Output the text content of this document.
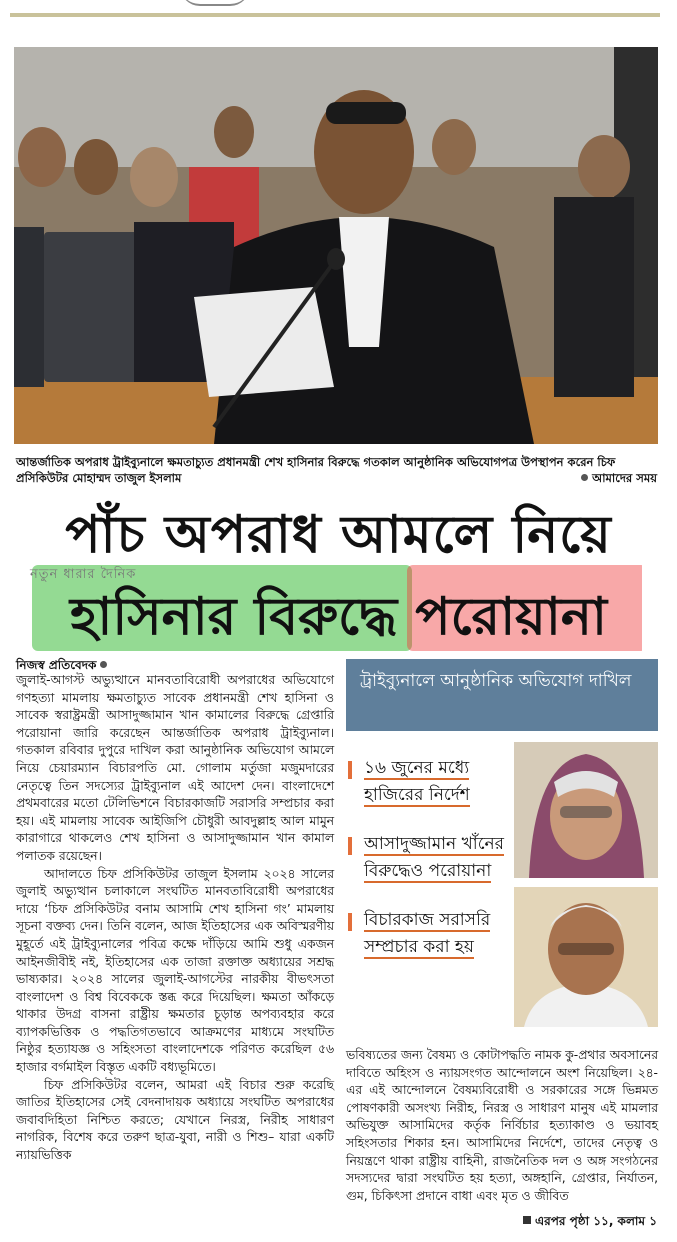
আন্তর্জাতিক অপরাধ ট্রাইব্যুনালে ক্ষমতাচ্যুত প্রধানমন্ত্রী শেখ হাসিনার বিরুদ্ধে গতকাল আনুষ্ঠানিক অভিযোগপত্র উপস্থাপন করেন চিফ প্রসিকিউটর মোহাম্মদ তাজুল ইসলাম	আমাদের সময়
নতুন ধারার দৈনিক
পাঁচ অপরাধ আমলে নিয়ে
হাসিনার বিরুদ্ধে পরোয়ানা
নিজস্ব প্রতিবেদক

জুলাই-আগস্ট অভ্যুত্থানে মানবতাবিরোধী অপরাধের অভিযোগে গণহত্যা মামলায় ক্ষমতাচ্যুত সাবেক প্রধানমন্ত্রী শেখ হাসিনা ও সাবেক স্বরাষ্ট্রমন্ত্রী আসাদুজ্জামান খান কামালের বিরুদ্ধে গ্রেপ্তারি পরোয়ানা জারি করেছেন আন্তর্জাতিক অপরাধ ট্রাইব্যুনাল। গতকাল রবিবার দুপুরে দাখিল করা আনুষ্ঠানিক অভিযোগ আমলে নিয়ে চেয়ারম্যান বিচারপতি মো. গোলাম মর্তুজা মজুমদারের নেতৃত্বে তিন সদস্যের ট্রাইব্যুনাল এই আদেশ দেন। বাংলাদেশে প্রথমবারের মতো টেলিভিশনে বিচারকাজটি সরাসরি সম্প্রচার করা হয়। এই মামলায় সাবেক আইজিপি চৌধুরী আবদুল্লাহ আল মামুন কারাগারে থাকলেও শেখ হাসিনা ও আসাদুজ্জামান খান কামাল পলাতক রয়েছেন।

আদালতে চিফ প্রসিকিউটর তাজুল ইসলাম ২০২৪ সালের জুলাই অভ্যুত্থান চলাকালে সংঘটিত মানবতাবিরোধী অপরাধের দায়ে ‘চিফ প্রসিকিউটর বনাম আসামি শেখ হাসিনা গং’ মামলায় সূচনা বক্তব্য দেন। তিনি বলেন, আজ ইতিহাসের এক অবিস্মরণীয় মুহূর্তে এই ট্রাইব্যুনালের পবিত্র কক্ষে দাঁড়িয়ে আমি শুধু একজন আইনজীবীই নই, ইতিহাসের এক তাজা রক্তাক্ত অধ্যায়ের সশ্রদ্ধ ভাষ্যকার। ২০২৪ সালের জুলাই-আগস্টের নারকীয় বীভৎসতা বাংলাদেশ ও বিশ্ব বিবেককে স্তব্ধ করে দিয়েছিল। ক্ষমতা আঁকড়ে থাকার উদগ্র বাসনা রাষ্ট্রীয় ক্ষমতার চূড়ান্ত অপব্যবহার করে ব্যাপকভিত্তিক ও পদ্ধতিগতভাবে আক্রমণের মাধ্যমে সংঘটিত নিষ্ঠুর হত্যাযজ্ঞ ও সহিংসতা বাংলাদেশকে পরিণত করেছিল ৫৬ হাজার বর্গমাইল বিস্তৃত একটি বধ্যভূমিতে।

চিফ প্রসিকিউটর বলেন, আমরা এই বিচার শুরু করেছি জাতির ইতিহাসের সেই বেদনাদায়ক অধ্যায়ে সংঘটিত অপরাধের জবাবদিহিতা নিশ্চিত করতে; যেখানে নিরস্ত্র, নিরীহ সাধারণ নাগরিক, বিশেষ করে তরুণ ছাত্র-যুবা, নারী ও শিশু– যারা একটি ন্যায়ভিত্তিক

ট্রাইব্যুনালে আনুষ্ঠানিক অভিযোগ দাখিল
১৬ জুনের মধ্যে হাজিরের নির্দেশ
আসাদুজ্জামান খাঁনের বিরুদ্ধেও পরোয়ানা
বিচারকাজ সরাসরি সম্প্রচার করা হয়
ভবিষ্যতের জন্য বৈষম্য ও কোটাপদ্ধতি নামক কু-প্রথার অবসানের দাবিতে অহিংস ও ন্যায়সংগত আন্দোলনে অংশ নিয়েছিল। ২৪-এর এই আন্দোলনে বৈষম্যবিরোধী ও সরকারের সঙ্গে ভিন্নমত পোষণকারী অসংখ্য নিরীহ, নিরস্ত্র ও সাধারণ মানুষ এই মামলার অভিযুক্ত আসামিদের কর্তৃক নির্বিচার হত্যাকাণ্ড ও ভয়াবহ সহিংসতার শিকার হন। আসামিদের নির্দেশে, তাদের নেতৃত্ব ও নিয়ন্ত্রণে থাকা রাষ্ট্রীয় বাহিনী, রাজনৈতিক দল ও অঙ্গ সংগঠনের সদস্যদের দ্বারা সংঘটিত হয় হত্যা, অঙ্গহানি, গ্রেপ্তার, নির্যাতন, গুম, চিকিৎসা প্রদানে বাধা এবং মৃত ও জীবিত
এরপর পৃষ্ঠা ১১, কলাম ১
